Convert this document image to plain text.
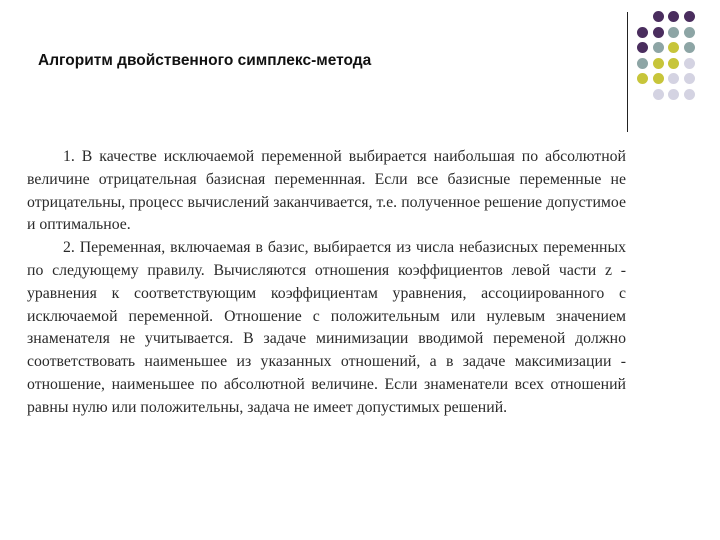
Алгоритм двойственного симплекс-метода

1. В качестве исключаемой переменной выбирается наибольшая по абсолютной величине отрицательная базисная переменнная. Если все базисные переменные не отрицательны, процесс вычислений заканчивается, т.е. полученное решение допустимое и оптимальное.

2. Переменная, включаемая в базис, выбирается из числа небазисных переменных по следующему правилу. Вычисляются отношения коэффициентов левой части z - уравнения к соответствующим коэффициентам уравнения, ассоциированного с исключаемой переменной. Отношение с положительным или нулевым значением знаменателя не учитывается. В задаче минимизации вводимой переменой должно соответствовать наименьшее из указанных отношений, а в задаче максимизации - отношение, наименьшее по абсолютной величине. Если знаменатели всех отношений равны нулю или положительны, задача не имеет допустимых решений.
